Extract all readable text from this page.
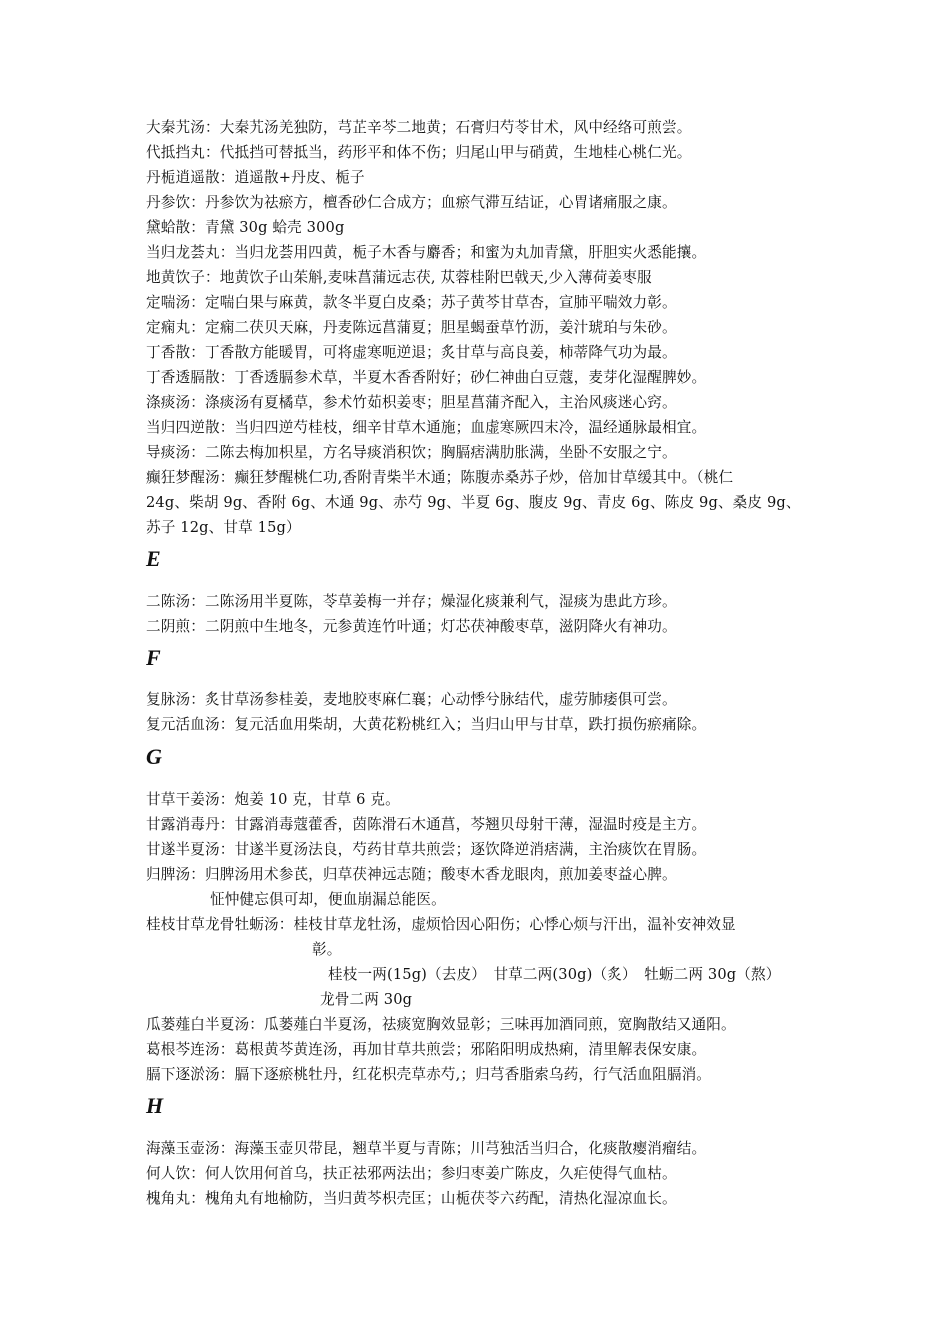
大秦艽汤：大秦艽汤羌独防，芎芷辛芩二地黄；石膏归芍苓甘术，风中经络可煎尝。
代抵挡丸：代抵挡可替抵当，药形平和体不伤；归尾山甲与硝黄，生地桂心桃仁光。
丹栀逍遥散：逍遥散+丹皮、栀子
丹参饮：丹参饮为祛瘀方，檀香砂仁合成方；血瘀气滞互结证，心胃诸痛服之康。
黛蛤散：青黛 30g 蛤壳 300g
当归龙荟丸：当归龙荟用四黄，栀子木香与麝香；和蜜为丸加青黛，肝胆实火悉能攘。
地黄饮子：地黄饮子山茱斛,麦味菖蒲远志茯, 苁蓉桂附巴戟天,少入薄荷姜枣服
定喘汤：定喘白果与麻黄，款冬半夏白皮桑；苏子黄芩甘草杏，宣肺平喘效力彰。
定痫丸：定痫二茯贝天麻，丹麦陈远菖蒲夏；胆星蝎蚕草竹沥，姜汁琥珀与朱砂。
丁香散：丁香散方能暖胃，可将虚寒呃逆退；炙甘草与高良姜，柿蒂降气功为最。
丁香透膈散：丁香透膈参术草，半夏木香香附好；砂仁神曲白豆蔻，麦芽化湿醒脾妙。
涤痰汤：涤痰汤有夏橘草，参术竹茹枳姜枣；胆星菖蒲齐配入，主治风痰迷心窍。
当归四逆散：当归四逆芍桂枝，细辛甘草木通施；血虚寒厥四末冷，温经通脉最相宜。
导痰汤：二陈去梅加枳星，方名导痰消积饮；胸膈痞满肋胀满，坐卧不安服之宁。
癫狂梦醒汤：癫狂梦醒桃仁功,香附青柴半木通；陈腹赤桑苏子炒，倍加甘草缓其中。（桃仁
24g、柴胡 9g、香附 6g、木通 9g、赤芍 9g、半夏 6g、腹皮 9g、青皮 6g、陈皮 9g、桑皮 9g、
苏子 12g、甘草 15g）
E
二陈汤：二陈汤用半夏陈，苓草姜梅一并存；燥湿化痰兼利气，湿痰为患此方珍。
二阴煎：二阴煎中生地冬，元参黄连竹叶通；灯芯茯神酸枣草，滋阴降火有神功。
F
复脉汤：炙甘草汤参桂姜，麦地胶枣麻仁襄；心动悸兮脉结代，虚劳肺痿俱可尝。
复元活血汤：复元活血用柴胡，大黄花粉桃红入；当归山甲与甘草，跌打损伤瘀痛除。
G
甘草干姜汤：炮姜 10 克，甘草 6 克。
甘露消毒丹：甘露消毒蔻藿香，茵陈滑石木通菖，芩翘贝母射干薄，湿温时疫是主方。
甘遂半夏汤：甘遂半夏汤法良，芍药甘草共煎尝；逐饮降逆消痞满，主治痰饮在胃肠。
归脾汤：归脾汤用术参芪，归草茯神远志随；酸枣木香龙眼肉，煎加姜枣益心脾。
怔忡健忘俱可却，便血崩漏总能医。
桂枝甘草龙骨牡蛎汤：桂枝甘草龙牡汤，虚烦恰因心阳伤；心悸心烦与汗出，温补安神效显
彰。
桂枝一两(15g)（去皮）　甘草二两(30g)（炙）　牡蛎二两 30g（熬）
龙骨二两 30g
瓜蒌薤白半夏汤：瓜蒌薤白半夏汤，祛痰宽胸效显彰；三味再加酒同煎，宽胸散结又通阳。
葛根芩连汤：葛根黄芩黄连汤，再加甘草共煎尝；邪陷阳明成热痢，清里解表保安康。
膈下逐淤汤：膈下逐瘀桃牡丹，红花枳壳草赤芍,；归芎香脂索乌药，行气活血阻膈消。
H
海藻玉壶汤：海藻玉壶贝带昆，翘草半夏与青陈；川芎独活当归合，化痰散瘿消瘤结。
何人饮：何人饮用何首乌，扶正祛邪两法出；参归枣姜广陈皮，久疟使得气血枯。
槐角丸：槐角丸有地榆防，当归黄芩枳壳匡；山栀茯苓六药配，清热化湿凉血长。
